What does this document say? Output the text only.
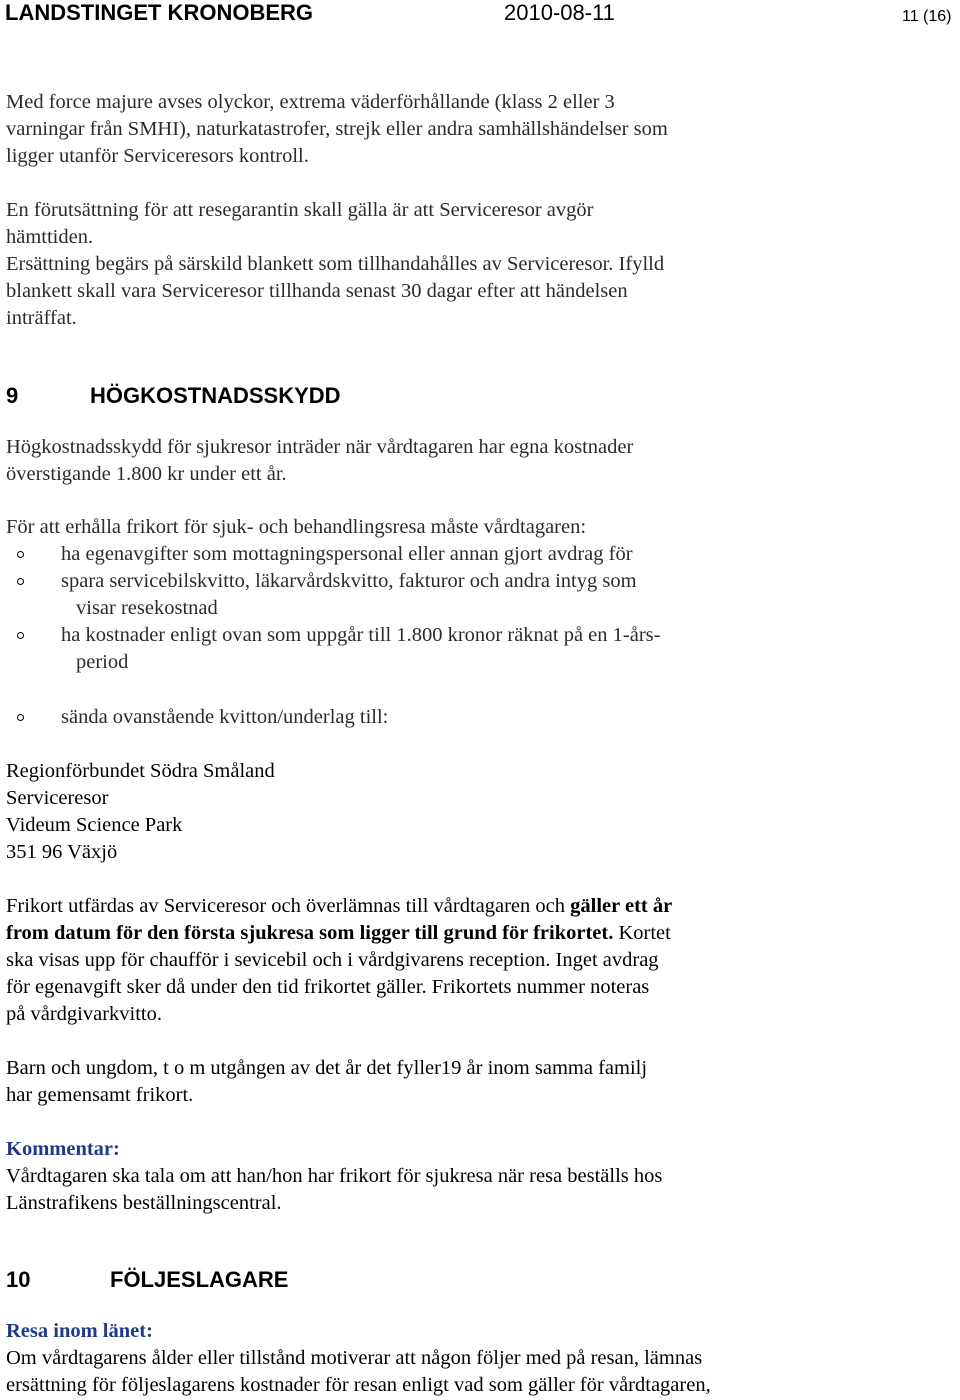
LANDSTINGET KRONOBERG	2010-08-11	11 (16)
Med force majure avses olyckor, extrema väderförhållande (klass 2 eller 3
varningar från SMHI), naturkatastrofer, strejk eller andra samhällshändelser som
ligger utanför Serviceresors kontroll.
En förutsättning för att resegarantin skall gälla är att Serviceresor avgör
hämttiden.
Ersättning begärs på särskild blankett som tillhandahålles av Serviceresor. Ifylld
blankett skall vara Serviceresor tillhanda senast 30 dagar efter att händelsen
inträffat.
9	HÖGKOSTNADSSKYDD
Högkostnadsskydd för sjukresor inträder när vårdtagaren har egna kostnader
överstigande 1.800 kr under ett år.
För att erhålla frikort för sjuk- och behandlingsresa måste vårdtagaren:
ha egenavgifter som mottagningspersonal eller annan gjort avdrag för
spara servicebilskvitto, läkarvårdskvitto, fakturor och andra intyg som
visar resekostnad
ha kostnader enligt ovan som uppgår till 1.800 kronor räknat på en 1-års-
period
sända ovanstående kvitton/underlag till:
Regionförbundet Södra Småland
Serviceresor
Videum Science Park
351 96 Växjö
Frikort utfärdas av Serviceresor och överlämnas till vårdtagaren och gäller ett år
from datum för den första sjukresa som ligger till grund för frikortet. Kortet
ska visas upp för chaufför i sevicebil och i vårdgivarens reception. Inget avdrag
för egenavgift sker då under den tid frikortet gäller. Frikortets nummer noteras
på vårdgivarkvitto.
Barn och ungdom, t o m utgången av det år det fyller19 år inom samma familj
har gemensamt frikort.
Kommentar:
Vårdtagaren ska tala om att han/hon har frikort för sjukresa när resa beställs hos
Länstrafikens beställningscentral.
10	FÖLJESLAGARE
Resa inom länet:
Om vårdtagarens ålder eller tillstånd motiverar att någon följer med på resan, lämnas
ersättning för följeslagarens kostnader för resan enligt vad som gäller för vårdtagaren,
